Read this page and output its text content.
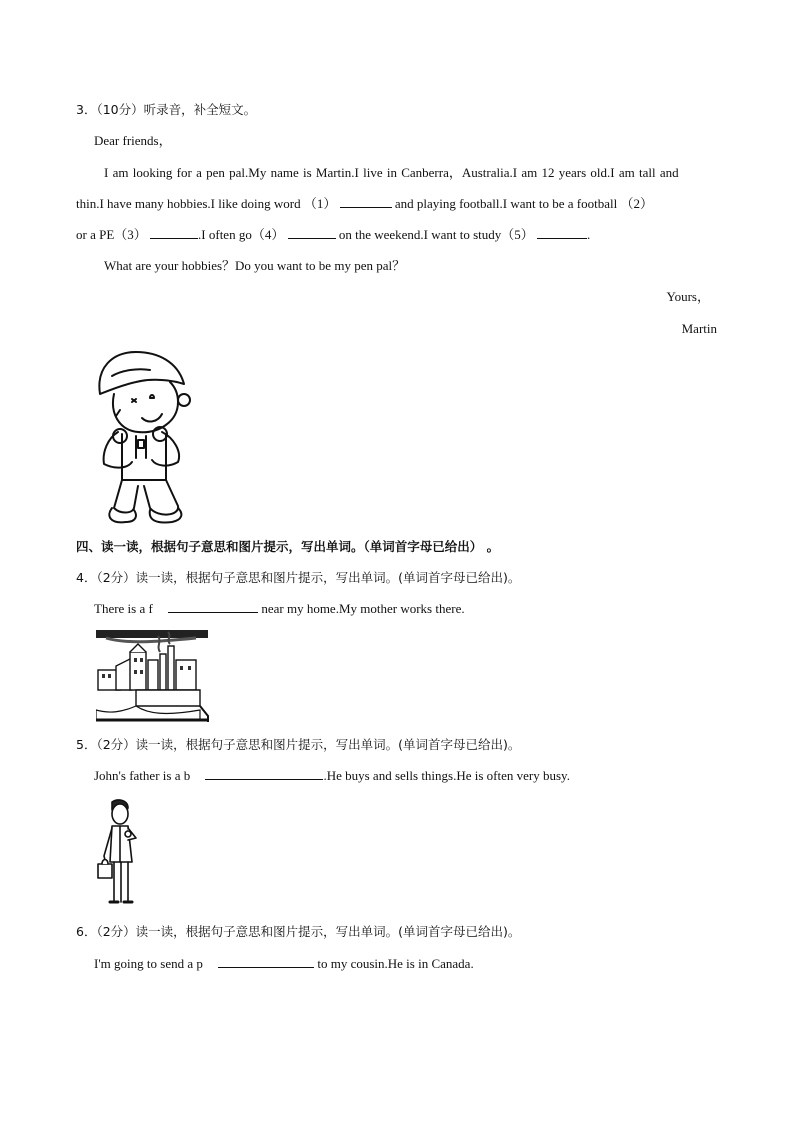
3．（10分）听录音，补全短文。
Dear friends，
I am looking for a pen pal.My name is Martin.I live in Canberra，Australia.I am 12 years old.I am tall and
thin.I have many hobbies.I like doing word （1）	and playing football.I want to be a football （2）
or a PE（3）	.I often go（4）	on the weekend.I want to study（5）	.
What are your hobbies？Do you want to be my pen pal？
Yours，
Martin
四、读一读，根据句子意思和图片提示，写出单词。（单词首字母已给出） 。
4．（2分）读一读，根据句子意思和图片提示，写出单词。(单词首字母已给出)。
There is a f	near my home.My mother works there.
5．（2分）读一读，根据句子意思和图片提示，写出单词。(单词首字母已给出)。
John's father is a b	.He buys and sells things.He is often very busy.
6．（2分）读一读，根据句子意思和图片提示，写出单词。(单词首字母已给出)。
I'm going to send a p	to my cousin.He is in Canada.
